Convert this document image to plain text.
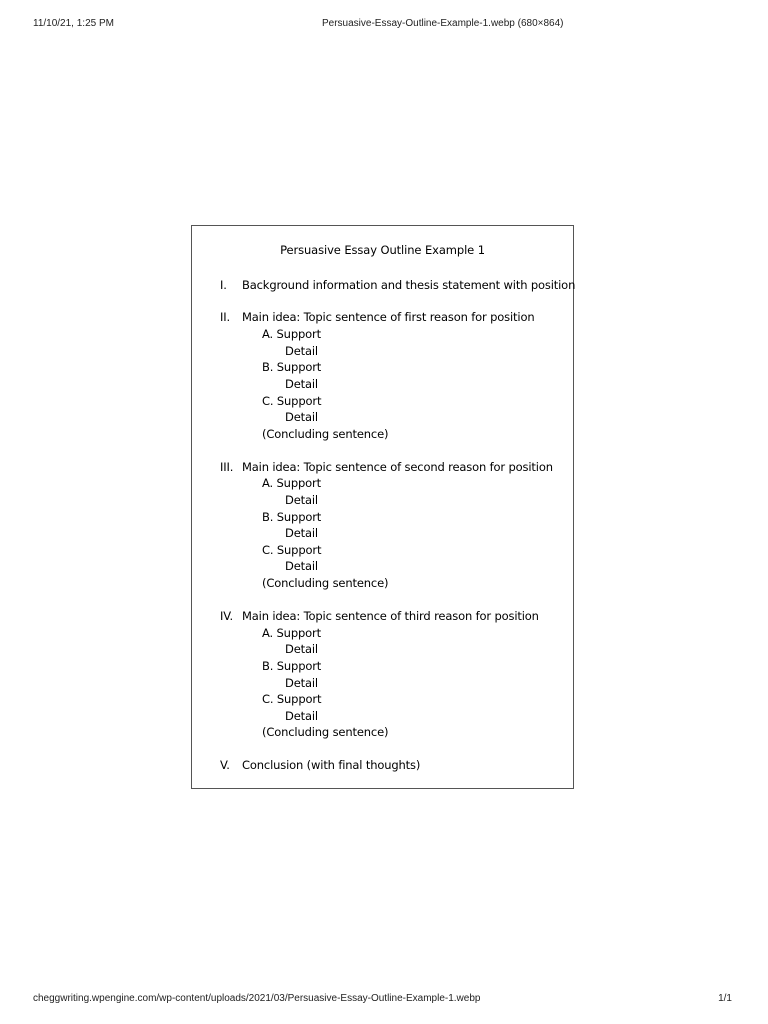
11/10/21, 1:25 PM	Persuasive-Essay-Outline-Example-1.webp (680×864)
Persuasive Essay Outline Example 1
I. Background information and thesis statement with position
II. Main idea: Topic sentence of first reason for position
A. Support
Detail
B. Support
Detail
C. Support
Detail
(Concluding sentence)
III. Main idea: Topic sentence of second reason for position
A. Support
Detail
B. Support
Detail
C. Support
Detail
(Concluding sentence)
IV. Main idea: Topic sentence of third reason for position
A. Support
Detail
B. Support
Detail
C. Support
Detail
(Concluding sentence)
V. Conclusion (with final thoughts)
cheggwriting.wpengine.com/wp-content/uploads/2021/03/Persuasive-Essay-Outline-Example-1.webp	1/1
